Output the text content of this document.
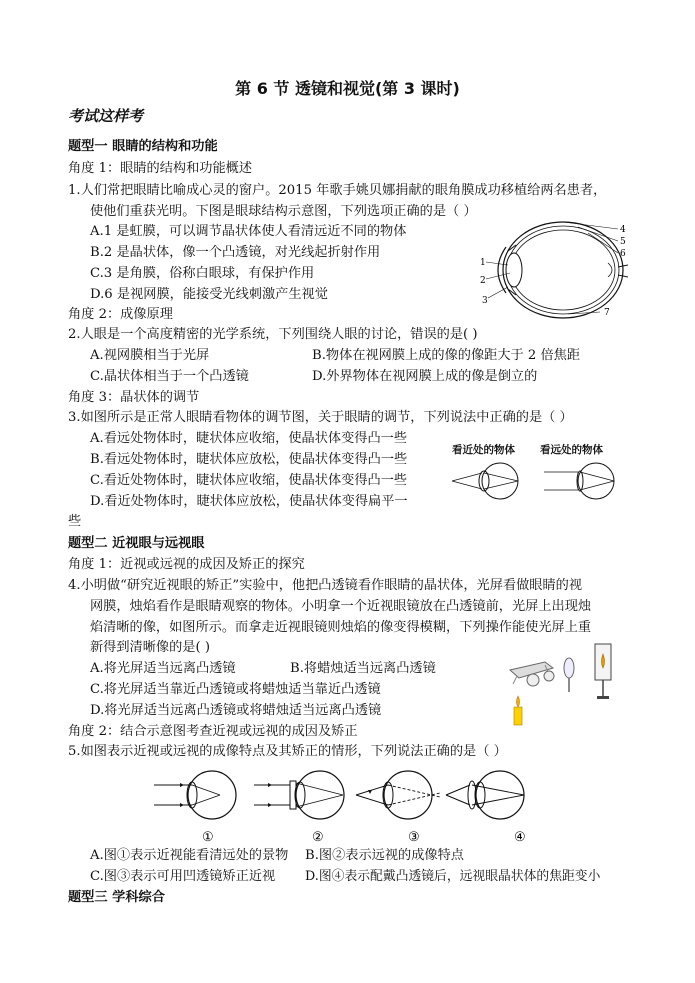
第 6 节 透镜和视觉(第 3 课时)
考试这样考
题型一 眼睛的结构和功能
角度 1：眼睛的结构和功能概述
1.人们常把眼睛比喻成心灵的窗户。2015 年歌手姚贝娜捐献的眼角膜成功移植给两名患者，
使他们重获光明。下图是眼球结构示意图，下列选项正确的是（ ）
A.1 是虹膜，可以调节晶状体使人看清远近不同的物体
B.2 是晶状体，像一个凸透镜，对光线起折射作用
C.3 是角膜，俗称白眼球，有保护作用
D.6 是视网膜，能接受光线刺激产生视觉
1
2
3
4
5
6
7
角度 2：成像原理
2.人眼是一个高度精密的光学系统，下列围绕人眼的讨论，错误的是( )
A.视网膜相当于光屏	B.物体在视网膜上成的像的像距大于 2 倍焦距
C.晶状体相当于一个凸透镜	D.外界物体在视网膜上成的像是倒立的
角度 3：晶状体的调节
3.如图所示是正常人眼睛看物体的调节图，关于眼睛的调节，下列说法中正确的是（ ）
A.看远处物体时，睫状体应收缩，使晶状体变得凸一些
B.看远处物体时，睫状体应放松，使晶状体变得凸一些
C.看近处物体时，睫状体应收缩，使晶状体变得凸一些
D.看近处物体时，睫状体应放松，使晶状体变得扁平一
些
看近处的物体 看远处的物体
题型二 近视眼与远视眼
角度 1：近视或远视的成因及矫正的探究
4.小明做“研究近视眼的矫正”实验中，他把凸透镜看作眼睛的晶状体，光屏看做眼睛的视
网膜，烛焰看作是眼睛观察的物体。小明拿一个近视眼镜放在凸透镜前，光屏上出现烛
焰清晰的像，如图所示。而拿走近视眼镜则烛焰的像变得模糊，下列操作能使光屏上重
新得到清晰像的是( )
A.将光屏适当远离凸透镜	B.将蜡烛适当远离凸透镜
C.将光屏适当靠近凸透镜或将蜡烛适当靠近凸透镜
D.将光屏适当远离凸透镜或将蜡烛适当远离凸透镜
角度 2：结合示意图考查近视或远视的成因及矫正
5.如图表示近视或远视的成像特点及其矫正的情形，下列说法正确的是（ ）
①	②	③	④
A.图①表示近视能看清远处的景物 B.图②表示远视的成像特点
C.图③表示可用凹透镜矫正近视 D.图④表示配戴凸透镜后，远视眼晶状体的焦距变小
题型三 学科综合
